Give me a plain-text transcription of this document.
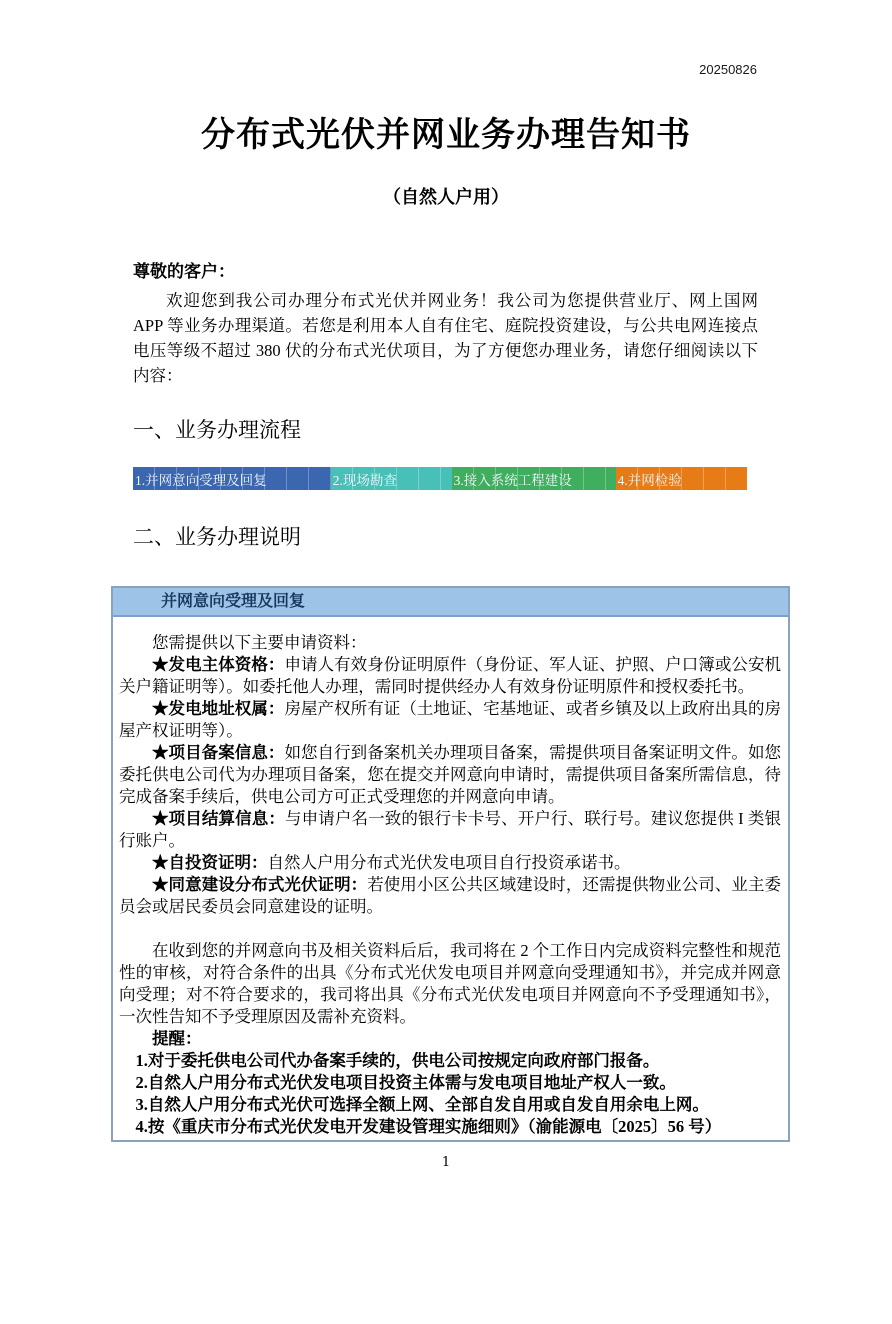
20250826
分布式光伏并网业务办理告知书
（自然人户用）
尊敬的客户：

欢迎您到我公司办理分布式光伏并网业务！我公司为您提供营业厅、网上国网 APP 等业务办理渠道。若您是利用本人自有住宅、庭院投资建设，与公共电网连接点电压等级不超过 380 伏的分布式光伏项目，为了方便您办理业务，请您仔细阅读以下内容：

一、业务办理流程
1.并网意向受理及回复	2.现场勘查	3.接入系统工程建设	4.并网检验
二、业务办理说明
并网意向受理及回复

您需提供以下主要申请资料：

★发电主体资格：申请人有效身份证明原件（身份证、军人证、护照、户口簿或公安机关户籍证明等）。如委托他人办理，需同时提供经办人有效身份证明原件和授权委托书。

★发电地址权属：房屋产权所有证（土地证、宅基地证、或者乡镇及以上政府出具的房屋产权证明等）。

★项目备案信息：如您自行到备案机关办理项目备案，需提供项目备案证明文件。如您委托供电公司代为办理项目备案，您在提交并网意向申请时，需提供项目备案所需信息，待完成备案手续后，供电公司方可正式受理您的并网意向申请。

★项目结算信息：与申请户名一致的银行卡卡号、开户行、联行号。建议您提供 I 类银行账户。

★自投资证明：自然人户用分布式光伏发电项目自行投资承诺书。

★同意建设分布式光伏证明：若使用小区公共区域建设时，还需提供物业公司、业主委员会或居民委员会同意建设的证明。

在收到您的并网意向书及相关资料后后，我司将在 2 个工作日内完成资料完整性和规范性的审核，对符合条件的出具《分布式光伏发电项目并网意向受理通知书》，并完成并网意向受理；对不符合要求的，我司将出具《分布式光伏发电项目并网意向不予受理通知书》，一次性告知不予受理原因及需补充资料。

提醒：

1.对于委托供电公司代办备案手续的，供电公司按规定向政府部门报备。

2.自然人户用分布式光伏发电项目投资主体需与发电项目地址产权人一致。

3.自然人户用分布式光伏可选择全额上网、全部自发自用或自发自用余电上网。

4.按《重庆市分布式光伏发电开发建设管理实施细则》（渝能源电〔2025〕56 号）

1
